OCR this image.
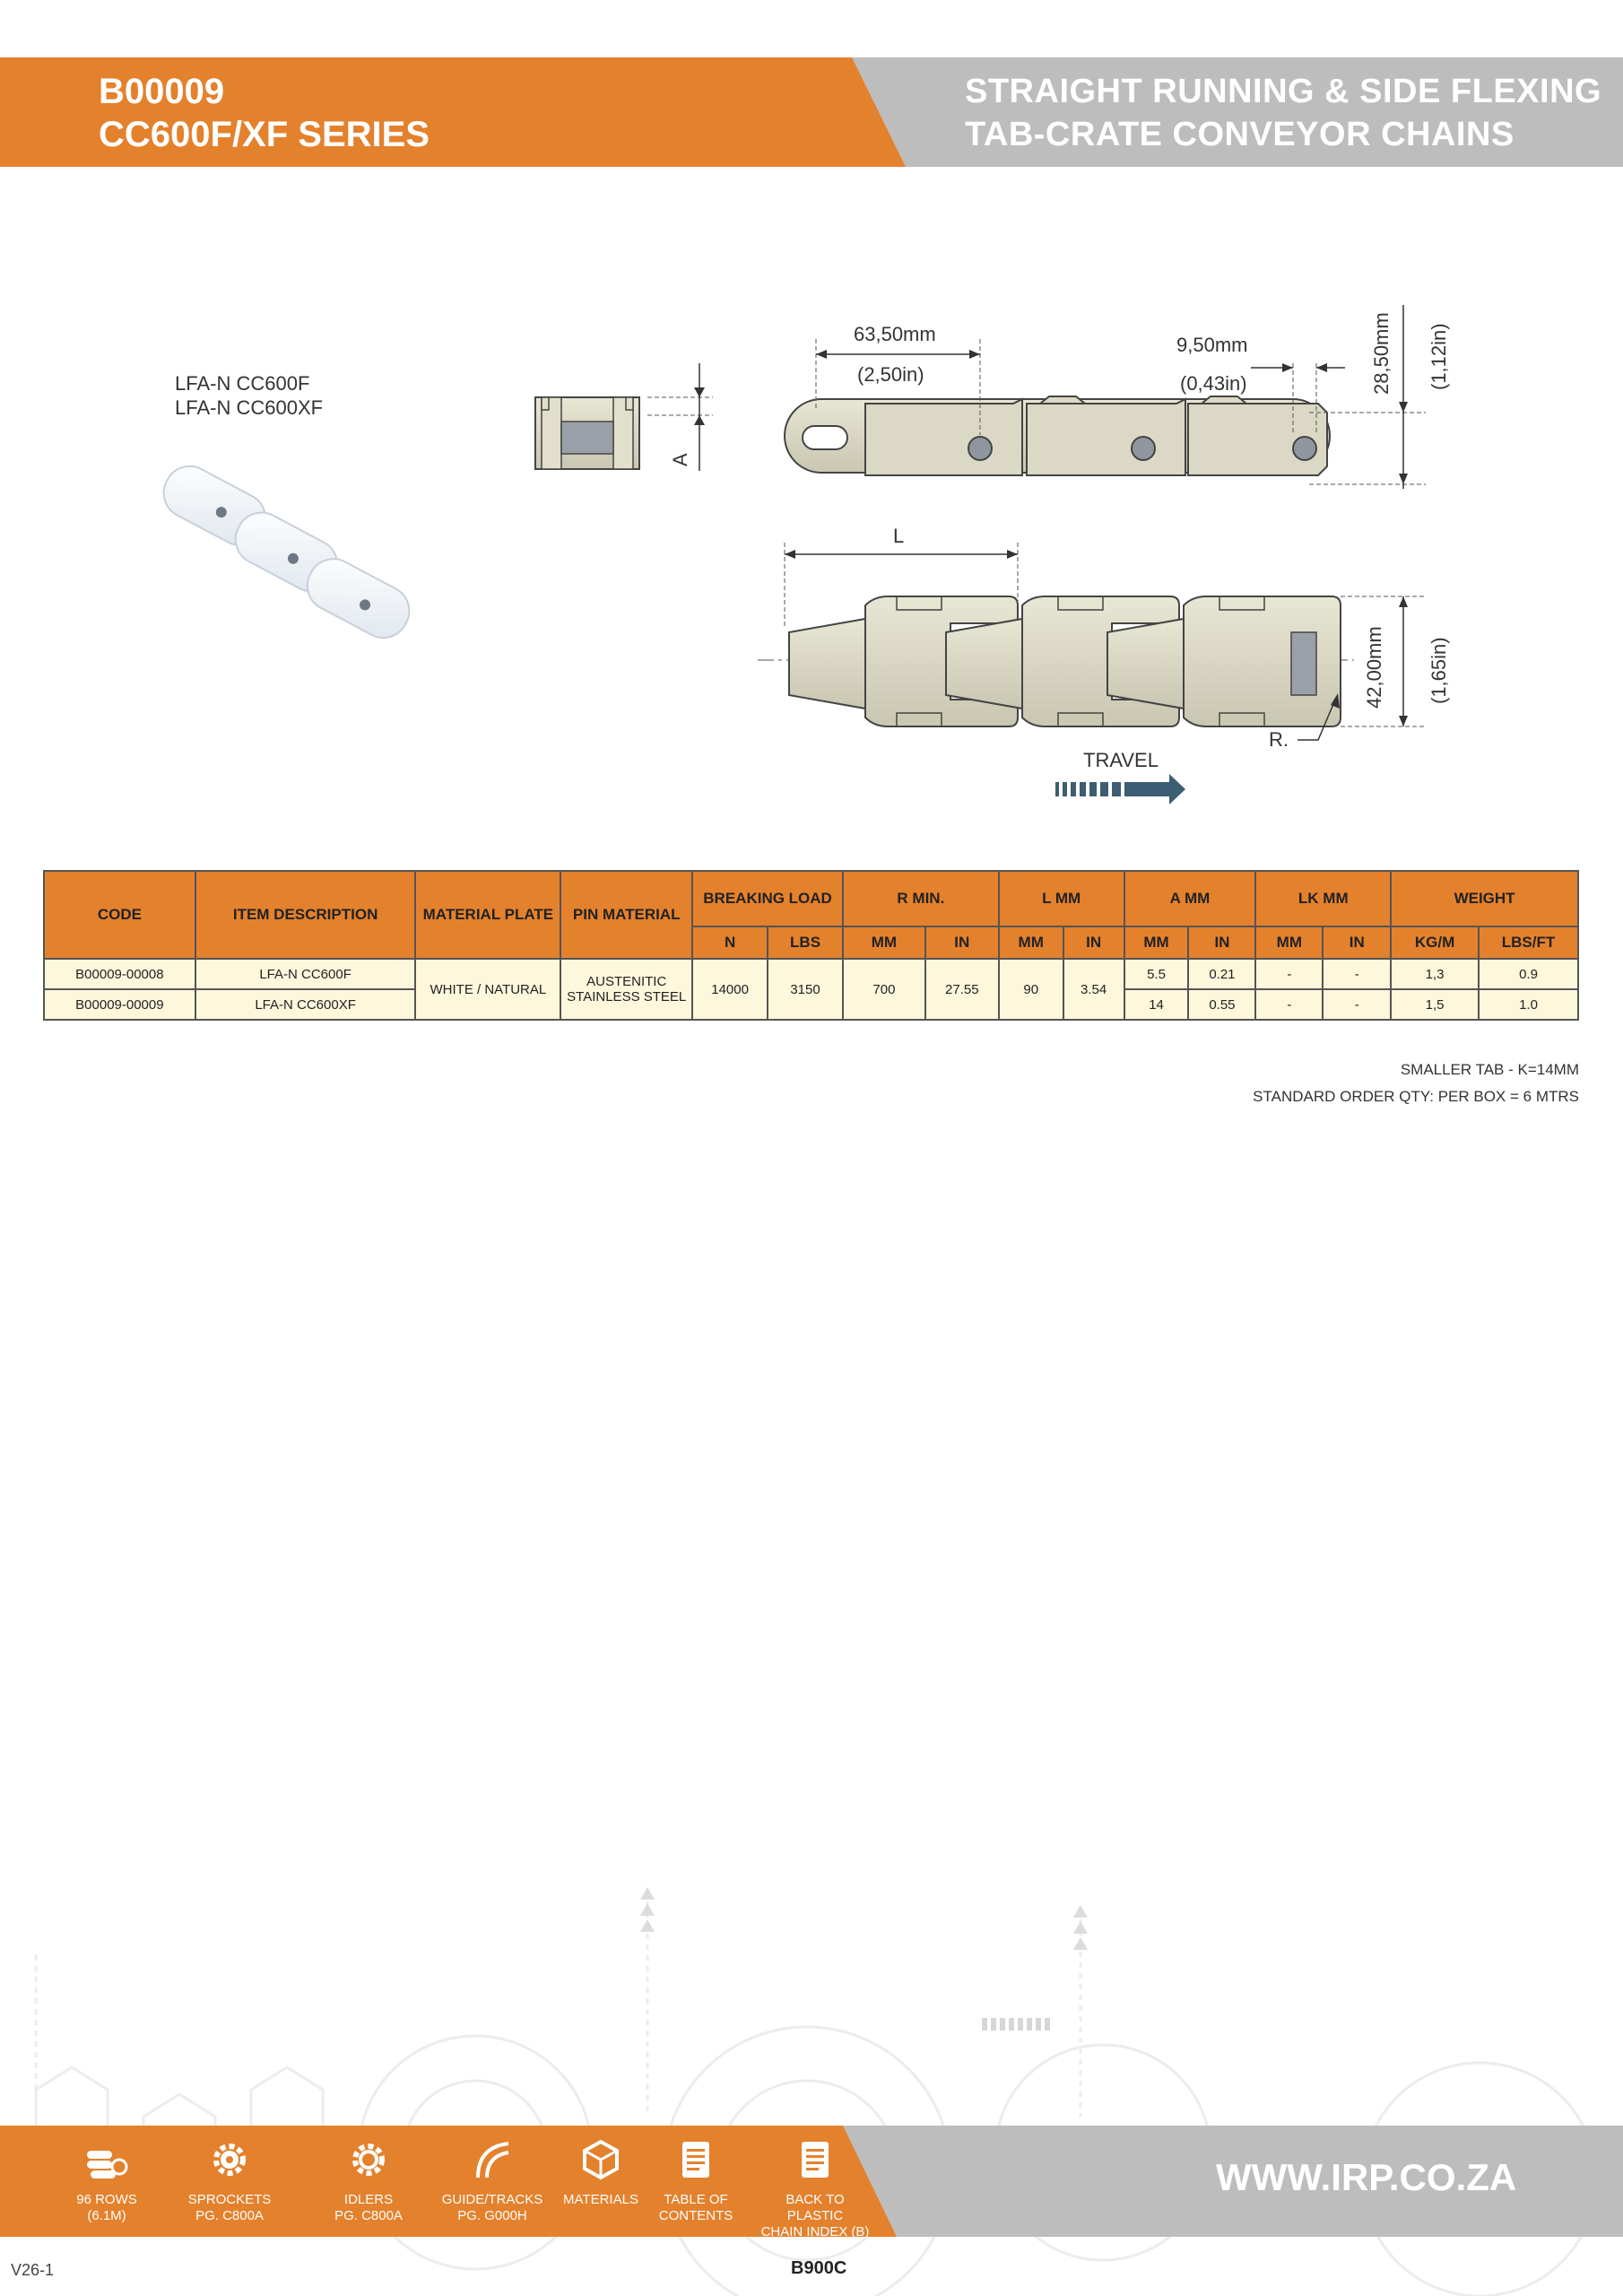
B00009
CC600F/XF SERIES
STRAIGHT RUNNING & SIDE FLEXING
TAB-CRATE CONVEYOR CHAINS
LFA-N CC600F
LFA-N CC600XF
A
63,50mm
(2,50in)
9,50mm
(0,43in)	28,50mm (1,12in)
L
42,00mm (1,65in)
R.
TRAVEL
CODE	ITEM DESCRIPTION	MATERIAL PLATE	PIN MATERIAL	BREAKING LOAD		R MIN.		L MM		A MM		LK MM		WEIGHT	
				N	LBS	MM	IN	MM	IN	MM	IN	MM	IN	KG/M	LBS/FT
B00009-00008	LFA-N CC600F	WHITE / NATURAL	AUSTENITIC STAINLESS STEEL	14000	3150	700	27.55	90	3.54	5.5	0.21	-	-	1,3	0.9
B00009-00009	LFA-N CC600XF									14	0.55	-	-	1,5	1.0
SMALLER TAB - K=14MM
STANDARD ORDER QTY: PER BOX = 6 MTRS
96 ROWS
(6.1M)
SPROCKETS
PG. C800A
IDLERS
PG. C800A
GUIDE/TRACKS
PG. G000H
MATERIALS	TABLE OF
CONTENTS
BACK TO PLASTIC
CHAIN INDEX (B)
WWW.IRP.CO.ZA
V26-1	B900C
